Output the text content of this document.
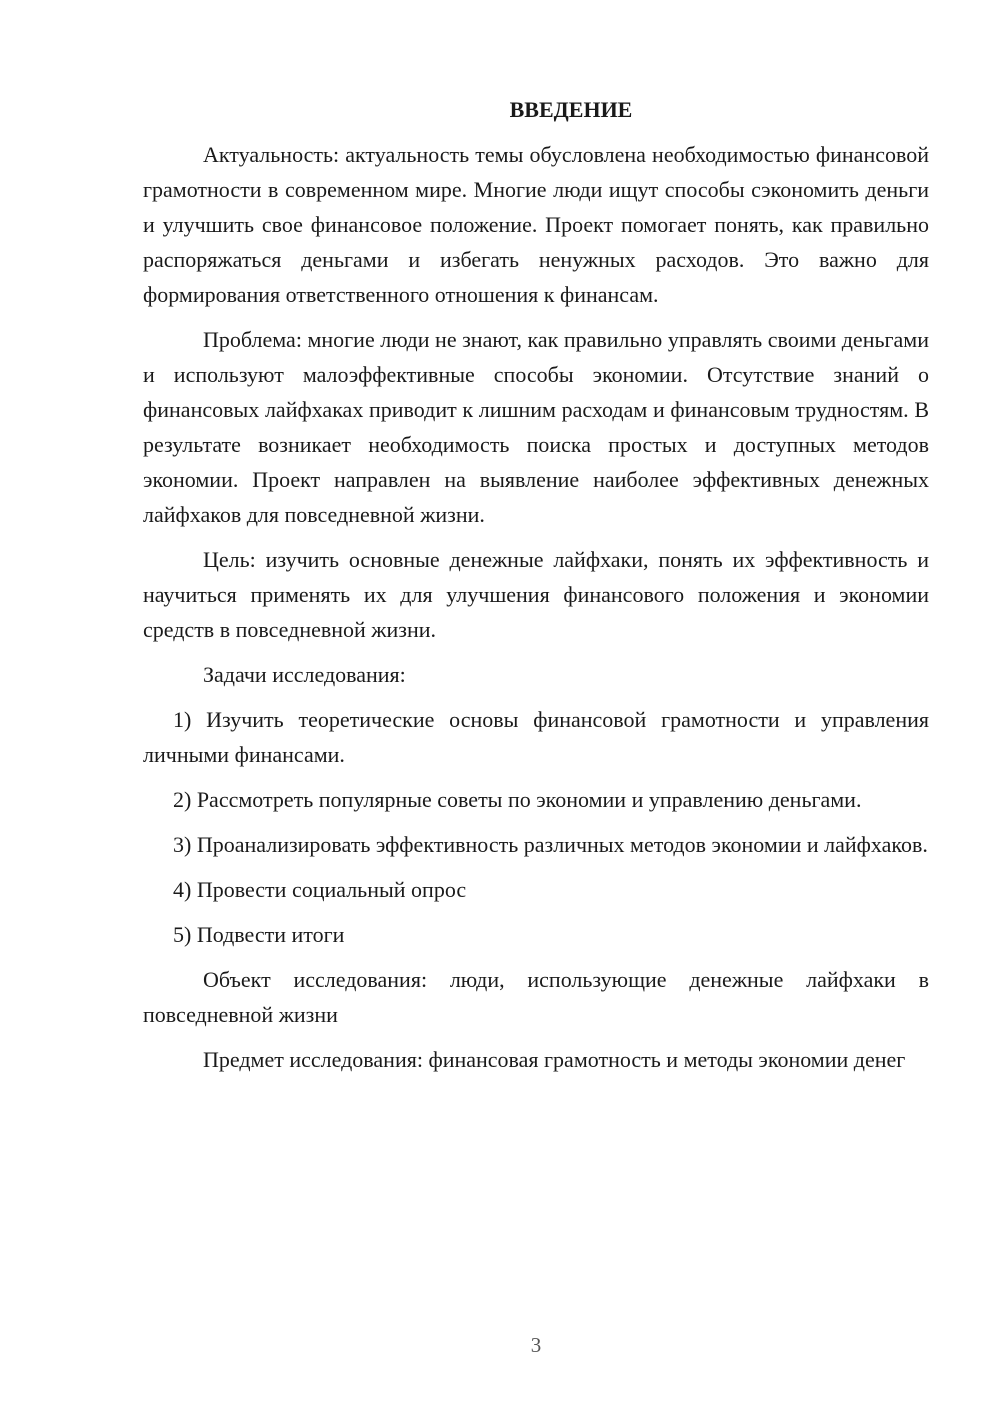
ВВЕДЕНИЕ

Актуальность: актуальность темы обусловлена необходимостью финансовой грамотности в современном мире. Многие люди ищут способы сэкономить деньги и улучшить свое финансовое положение. Проект помогает понять, как правильно распоряжаться деньгами и избегать ненужных расходов. Это важно для формирования ответственного отношения к финансам.

Проблема: многие люди не знают, как правильно управлять своими деньгами и используют малоэффективные способы экономии. Отсутствие знаний о финансовых лайфхаках приводит к лишним расходам и финансовым трудностям. В результате возникает необходимость поиска простых и доступных методов экономии. Проект направлен на выявление наиболее эффективных денежных лайфхаков для повседневной жизни.

Цель: изучить основные денежные лайфхаки, понять их эффективность и научиться применять их для улучшения финансового положения и экономии средств в повседневной жизни.

Задачи исследования:

1) Изучить теоретические основы финансовой грамотности и управления личными финансами.

2) Рассмотреть популярные советы по экономии и управлению деньгами.

3) Проанализировать эффективность различных методов экономии и лайфхаков.

4) Провести социальный опрос

5) Подвести итоги

Объект исследования: люди, использующие денежные лайфхаки в повседневной жизни

Предмет исследования: финансовая грамотность и методы экономии денег

3
